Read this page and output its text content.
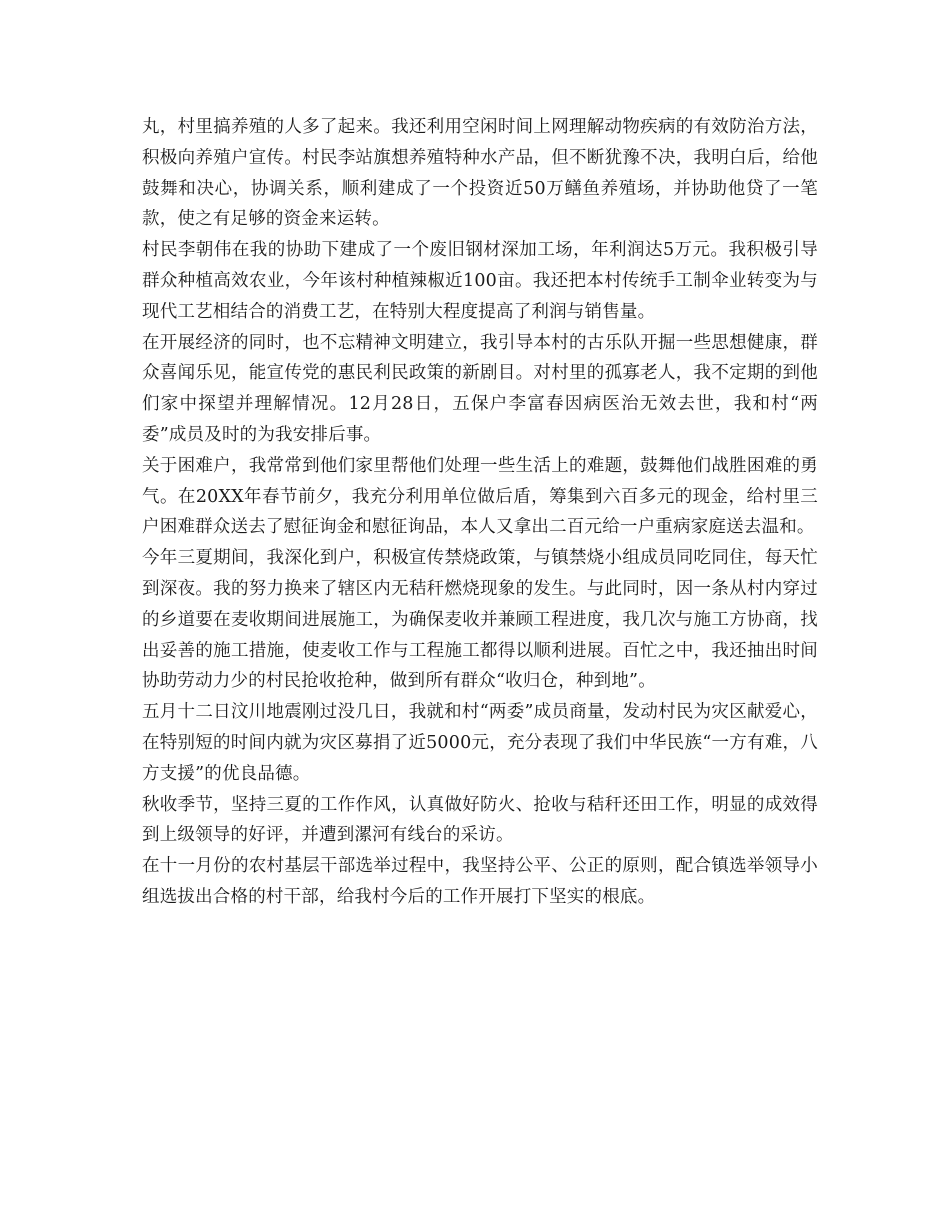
丸，村里搞养殖的人多了起来。我还利用空闲时间上网理解动物疾病的有效防治方法，积极向养殖户宣传。村民李站旗想养殖特种水产品，但不断犹豫不决，我明白后，给他鼓舞和决心，协调关系，顺利建成了一个投资近50万鳝鱼养殖场，并协助他贷了一笔款，使之有足够的资金来运转。

村民李朝伟在我的协助下建成了一个废旧钢材深加工场，年利润达5万元。我积极引导群众种植高效农业，今年该村种植辣椒近100亩。我还把本村传统手工制伞业转变为与现代工艺相结合的消费工艺，在特别大程度提高了利润与销售量。

在开展经济的同时，也不忘精神文明建立，我引导本村的古乐队开掘一些思想健康，群众喜闻乐见，能宣传党的惠民利民政策的新剧目。对村里的孤寡老人，我不定期的到他们家中探望并理解情况。12月28日，五保户李富春因病医治无效去世，我和村“两委”成员及时的为我安排后事。

关于困难户，我常常到他们家里帮他们处理一些生活上的难题，鼓舞他们战胜困难的勇气。在20XX年春节前夕，我充分利用单位做后盾，筹集到六百多元的现金，给村里三户困难群众送去了慰征询金和慰征询品，本人又拿出二百元给一户重病家庭送去温和。

今年三夏期间，我深化到户，积极宣传禁烧政策，与镇禁烧小组成员同吃同住，每天忙到深夜。我的努力换来了辖区内无秸秆燃烧现象的发生。与此同时，因一条从村内穿过的乡道要在麦收期间进展施工，为确保麦收并兼顾工程进度，我几次与施工方协商，找出妥善的施工措施，使麦收工作与工程施工都得以顺利进展。百忙之中，我还抽出时间协助劳动力少的村民抢收抢种，做到所有群众“收归仓，种到地”。

五月十二日汶川地震刚过没几日，我就和村“两委”成员商量，发动村民为灾区献爱心，在特别短的时间内就为灾区募捐了近5000元，充分表现了我们中华民族“一方有难，八方支援”的优良品德。

秋收季节，坚持三夏的工作作风，认真做好防火、抢收与秸秆还田工作，明显的成效得到上级领导的好评，并遭到漯河有线台的采访。

在十一月份的农村基层干部选举过程中，我坚持公平、公正的原则，配合镇选举领导小组选拔出合格的村干部，给我村今后的工作开展打下坚实的根底。
